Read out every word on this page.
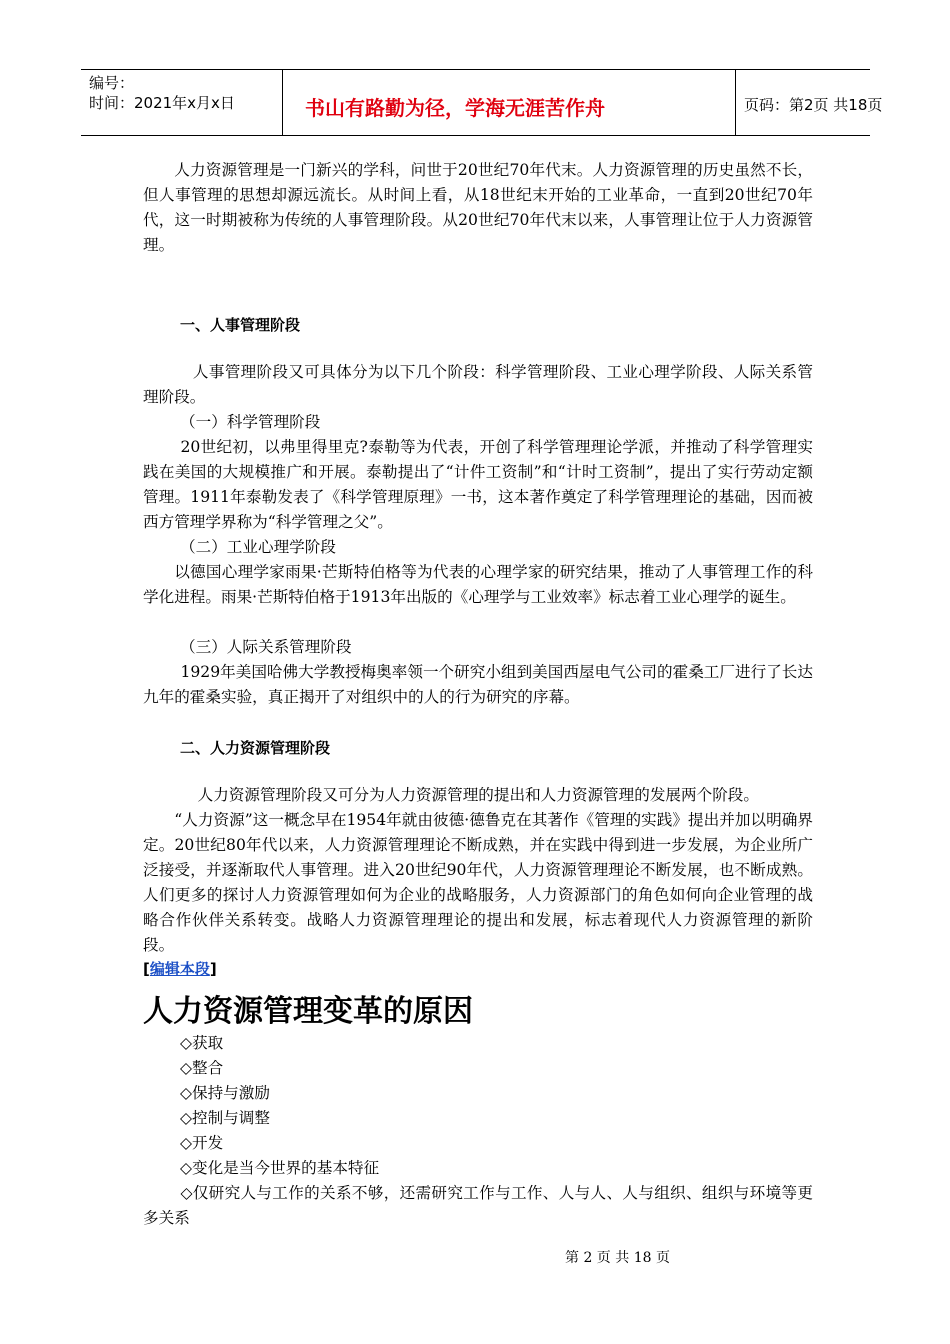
编号：
时间：2021年x月x日	书山有路勤为径，学海无涯苦作舟	页码：第2页 共18页

人力资源管理是一门新兴的学科，问世于20世纪70年代末。人力资源管理的历史虽然不长，但人事管理的思想却源远流长。从时间上看，从18世纪末开始的工业革命，一直到20世纪70年代，这一时期被称为传统的人事管理阶段。从20世纪70年代末以来，人事管理让位于人力资源管理。

一、人事管理阶段

人事管理阶段又可具体分为以下几个阶段：科学管理阶段、工业心理学阶段、人际关系管理阶段。

（一）科学管理阶段

20世纪初，以弗里得里克?泰勒等为代表，开创了科学管理理论学派，并推动了科学管理实践在美国的大规模推广和开展。泰勒提出了“计件工资制”和“计时工资制”，提出了实行劳动定额管理。1911年泰勒发表了《科学管理原理》一书，这本著作奠定了科学管理理论的基础，因而被西方管理学界称为“科学管理之父”。

（二）工业心理学阶段

以德国心理学家雨果·芒斯特伯格等为代表的心理学家的研究结果，推动了人事管理工作的科学化进程。雨果·芒斯特伯格于1913年出版的《心理学与工业效率》标志着工业心理学的诞生。

（三）人际关系管理阶段

1929年美国哈佛大学教授梅奥率领一个研究小组到美国西屋电气公司的霍桑工厂进行了长达九年的霍桑实验，真正揭开了对组织中的人的行为研究的序幕。

二、人力资源管理阶段

人力资源管理阶段又可分为人力资源管理的提出和人力资源管理的发展两个阶段。

“人力资源”这一概念早在1954年就由彼德·德鲁克在其著作《管理的实践》提出并加以明确界定。20世纪80年代以来，人力资源管理理论不断成熟，并在实践中得到进一步发展，为企业所广泛接受，并逐渐取代人事管理。进入20世纪90年代，人力资源管理理论不断发展，也不断成熟。人们更多的探讨人力资源管理如何为企业的战略服务，人力资源部门的角色如何向企业管理的战略合作伙伴关系转变。战略人力资源管理理论的提出和发展，标志着现代人力资源管理的新阶段。

[编辑本段]
人力资源管理变革的原因
◇获取
◇整合
◇保持与激励
◇控制与调整
◇开发
◇变化是当今世界的基本特征

◇仅研究人与工作的关系不够，还需研究工作与工作、人与人、人与组织、组织与环境等更多关系

第 2 页 共 18 页
